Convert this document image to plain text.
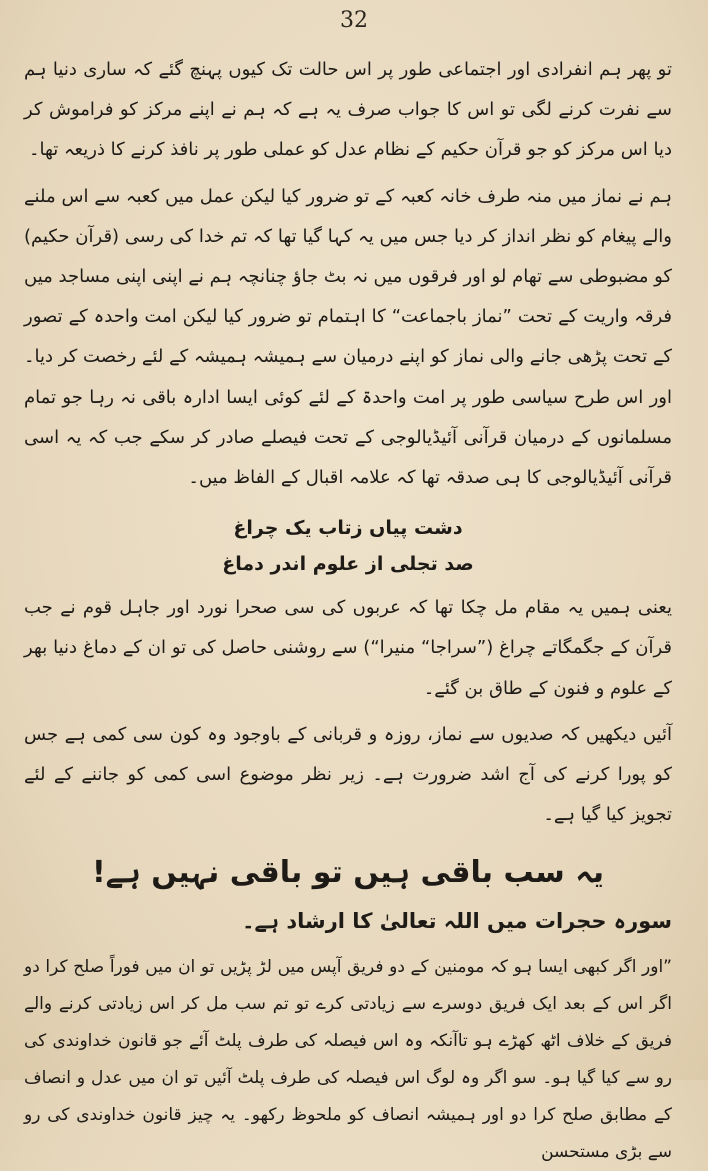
32

تو پھر ہم انفرادی اور اجتماعی طور پر اس حالت تک کیوں پہنچ گئے کہ ساری دنیا ہم سے نفرت کرنے لگی تو اس کا جواب صرف یہ ہے کہ ہم نے اپنے مرکز کو فراموش کر دیا اس مرکز کو جو قرآن حکیم کے نظام عدل کو عملی طور پر نافذ کرنے کا ذریعہ تھا۔

ہم نے نماز میں منہ طرف خانہ کعبہ کے تو ضرور کیا لیکن عمل میں کعبہ سے اس ملنے والے پیغام کو نظر انداز کر دیا جس میں یہ کہا گیا تھا کہ تم خدا کی رسی (قرآن حکیم) کو مضبوطی سے تھام لو اور فرقوں میں نہ بٹ جاؤ چنانچہ ہم نے اپنی اپنی مساجد میں فرقہ واریت کے تحت ”نماز باجماعت“ کا اہتمام تو ضرور کیا لیکن امت واحدہ کے تصور کے تحت پڑھی جانے والی نماز کو اپنے درمیان سے ہمیشہ ہمیشہ کے لئے رخصت کر دیا۔ اور اس طرح سیاسی طور پر امت واحدۃ کے لئے کوئی ایسا ادارہ باقی نہ رہا جو تمام مسلمانوں کے درمیان قرآنی آئیڈیالوجی کے تحت فیصلے صادر کر سکے جب کہ یہ اسی قرآنی آئیڈیالوجی کا ہی صدقہ تھا کہ علامہ اقبال کے الفاظ میں۔

دشت پیاں زتاب یک چراغ
صد تجلی از علوم اندر دماغ

یعنی ہمیں یہ مقام مل چکا تھا کہ عربوں کی سی صحرا نورد اور جاہل قوم نے جب قرآن کے جگمگاتے چراغ (”سراجا“ منیرا“) سے روشنی حاصل کی تو ان کے دماغ دنیا بھر کے علوم و فنون کے طاق بن گئے۔

آئیں دیکھیں کہ صدیوں سے نماز، روزہ و قربانی کے باوجود وہ کون سی کمی ہے جس کو پورا کرنے کی آج اشد ضرورت ہے۔ زیر نظر موضوع اسی کمی کو جاننے کے لئے تجویز کیا گیا ہے۔

یہ سب باقی ہیں تو باقی نہیں ہے!
سورہ حجرات میں اللہ تعالیٰ کا ارشاد ہے۔

”اور اگر کبھی ایسا ہو کہ مومنین کے دو فریق آپس میں لڑ پڑیں تو ان میں فوراً صلح کرا دو اگر اس کے بعد ایک فریق دوسرے سے زیادتی کرے تو تم سب مل کر اس زیادتی کرنے والے فریق کے خلاف اٹھ کھڑے ہو تاآنکہ وہ اس فیصلہ کی طرف پلٹ آئے جو قانون خداوندی کی رو سے کیا گیا ہو۔ سو اگر وہ لوگ اس فیصلہ کی طرف پلٹ آئیں تو ان میں عدل و انصاف کے مطابق صلح کرا دو اور ہمیشہ انصاف کو ملحوظ رکھو۔ یہ چیز قانون خداوندی کی رو سے بڑی مستحسن
